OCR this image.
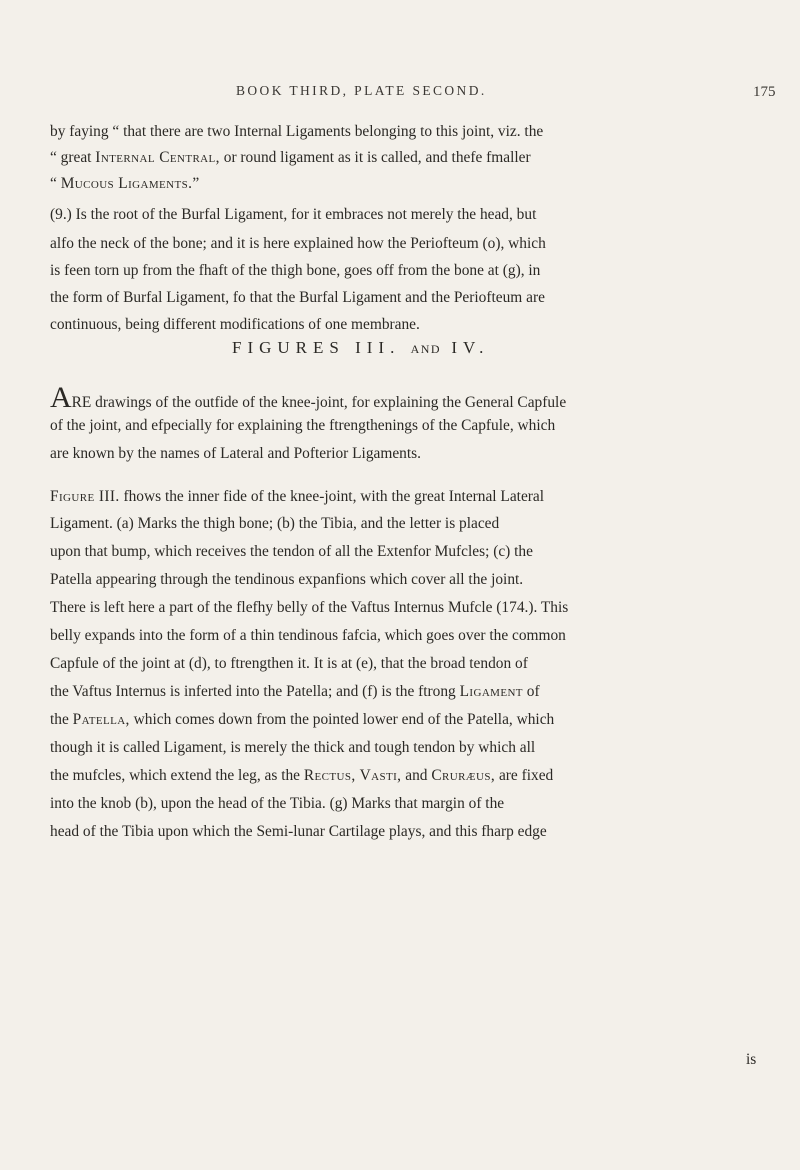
BOOK THIRD, PLATE SECOND.	175
by faying “ that there are two Internal Ligaments belonging to this joint, viz. the
“ great Internal Central, or round ligament as it is called, and thefe fmaller
“ Mucous Ligaments.”
(9.) Is the root of the Burfal Ligament, for it embraces not merely the head, but
alfo the neck of the bone; and it is here explained how the Periofteum (o), which
is feen torn up from the fhaft of the thigh bone, goes off from the bone at (g), in
the form of Burfal Ligament, fo that the Burfal Ligament and the Periofteum are
continuous, being different modifications of one membrane.
FIGURES III. AND IV.
ARE drawings of the outfide of the knee-joint, for explaining the General Capfule
of the joint, and efpecially for explaining the ftrengthenings of the Capfule, which
are known by the names of Lateral and Pofterior Ligaments.
Figure III. fhows the inner fide of the knee-joint, with the great Internal Lateral
Ligament. (a) Marks the thigh bone; (b) the Tibia, and the letter is placed
upon that bump, which receives the tendon of all the Extenfor Mufcles; (c) the
Patella appearing through the tendinous expanfions which cover all the joint.
There is left here a part of the flefhy belly of the Vaftus Internus Mufcle (174.). This
belly expands into the form of a thin tendinous fafcia, which goes over the common
Capfule of the joint at (d), to ftrengthen it. It is at (e), that the broad tendon of
the Vaftus Internus is inferted into the Patella; and (f) is the ftrong Ligament of
the Patella, which comes down from the pointed lower end of the Patella, which
though it is called Ligament, is merely the thick and tough tendon by which all
the mufcles, which extend the leg, as the Rectus, Vasti, and Cruræus, are fixed
into the knob (b), upon the head of the Tibia. (g) Marks that margin of the
head of the Tibia upon which the Semi-lunar Cartilage plays, and this fharp edge
is
